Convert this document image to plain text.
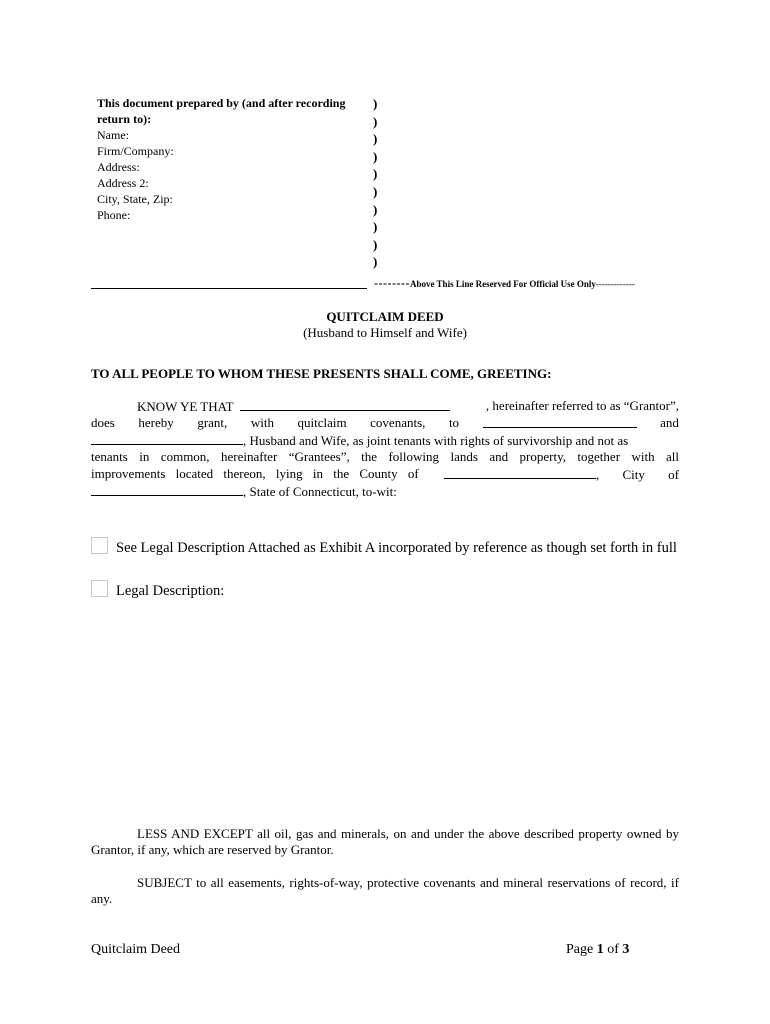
This document prepared by (and after recording
return to):
Name:
Firm/Company:
Address:
Address 2:
City, State, Zip:
Phone:
)
)
)
)
)
)
)
)
)
)
--------Above This Line Reserved For Official Use Only-------------
QUITCLAIM DEED
(Husband to Himself and Wife)
TO ALL PEOPLE TO WHOM THESE PRESENTS SHALL COME, GREETING:
KNOW YE THAT	, hereinafter referred to as “Grantor”,
does hereby grant, with quitclaim covenants, to	and
, Husband and Wife, as joint tenants with rights of survivorship and not as
tenants in common, hereinafter “Grantees”, the following lands and property, together with all
improvements located thereon, lying in the County of	, City of
, State of Connecticut, to-wit:
See Legal Description Attached as Exhibit A incorporated by reference as though set forth in full
Legal Description:
LESS AND EXCEPT all oil, gas and minerals, on and under the above described property owned by Grantor, if any, which are reserved by Grantor.
SUBJECT to all easements, rights-of-way, protective covenants and mineral reservations of record, if any.
Quitclaim Deed	Page 1 of 3
